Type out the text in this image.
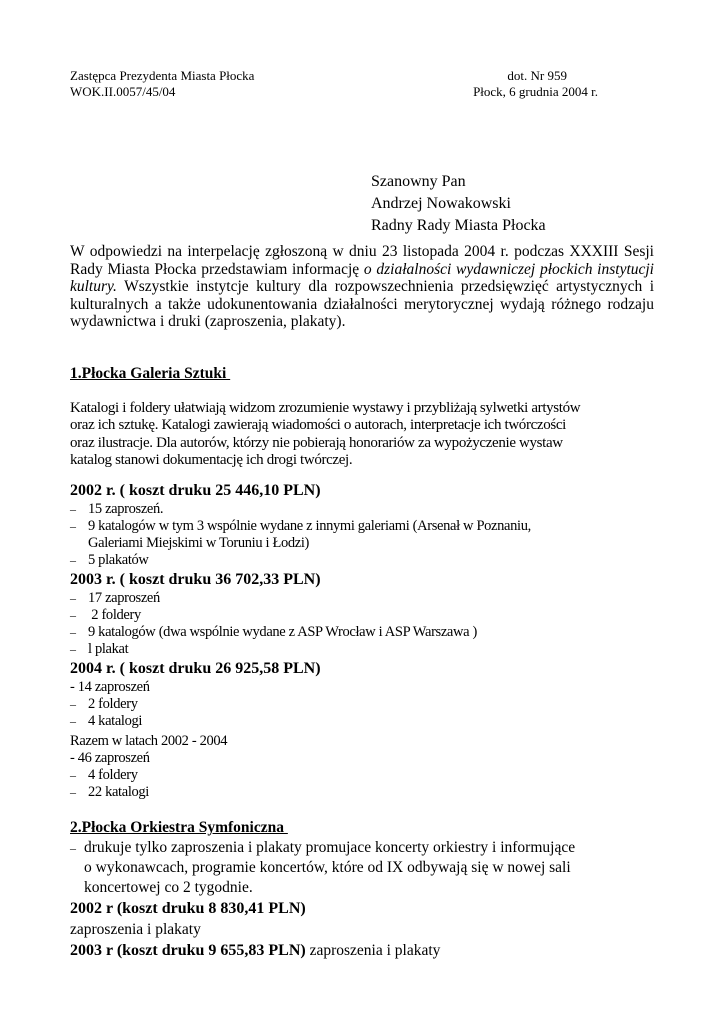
Zastępca Prezydenta Miasta Płocka
WOK.II.0057/45/04
dot. Nr 959
Płock, 6 grudnia 2004 r.
Szanowny Pan
Andrzej Nowakowski
Radny Rady Miasta Płocka
W odpowiedzi na interpelację zgłoszoną w dniu 23 listopada 2004 r. podczas XXXIII Sesji Rady Miasta Płocka przedstawiam informację o działalności wydawniczej płockich instytucji kultury. Wszystkie instytcje kultury dla rozpowszechnienia przedsięwzięć artystycznych i kulturalnych a także udokunentowania działalności merytorycznej wydają różnego rodzaju wydawnictwa i druki (zaproszenia, plakaty).
1.Płocka Galeria Sztuki
Katalogi i foldery ułatwiają widzom zrozumienie wystawy i przybliżają sylwetki artystów
oraz ich sztukę. Katalogi zawierają wiadomości o autorach, interpretacje ich twórczości
oraz ilustracje. Dla autorów, którzy nie pobierają honorariów za wypożyczenie wystaw
katalog stanowi dokumentację ich drogi twórczej.
2002 r. ( koszt druku 25 446,10 PLN)
– 15 zaproszeń.
– 9 katalogów w tym 3 wspólnie wydane z innymi galeriami (Arsenał w Poznaniu,
Galeriami Miejskimi w Toruniu i Łodzi)
– 5 plakatów
2003 r. ( koszt druku 36 702,33 PLN)
– 17 zaproszeń
– 2 foldery
– 9 katalogów (dwa wspólnie wydane z ASP Wrocław i ASP Warszawa )
– l plakat
2004 r. ( koszt druku 26 925,58 PLN)
- 14 zaproszeń
– 2 foldery
– 4 katalogi
Razem w latach 2002 - 2004
- 46 zaproszeń
– 4 foldery
– 22 katalogi
2.Płocka Orkiestra Symfoniczna
– drukuje tylko zaproszenia i plakaty promujace koncerty orkiestry i informujące
o wykonawcach, programie koncertów, które od IX odbywają się w nowej sali
koncertowej co 2 tygodnie.
2002 r (koszt druku 8 830,41 PLN)
zaproszenia i plakaty
2003 r (koszt druku 9 655,83 PLN) zaproszenia i plakaty
